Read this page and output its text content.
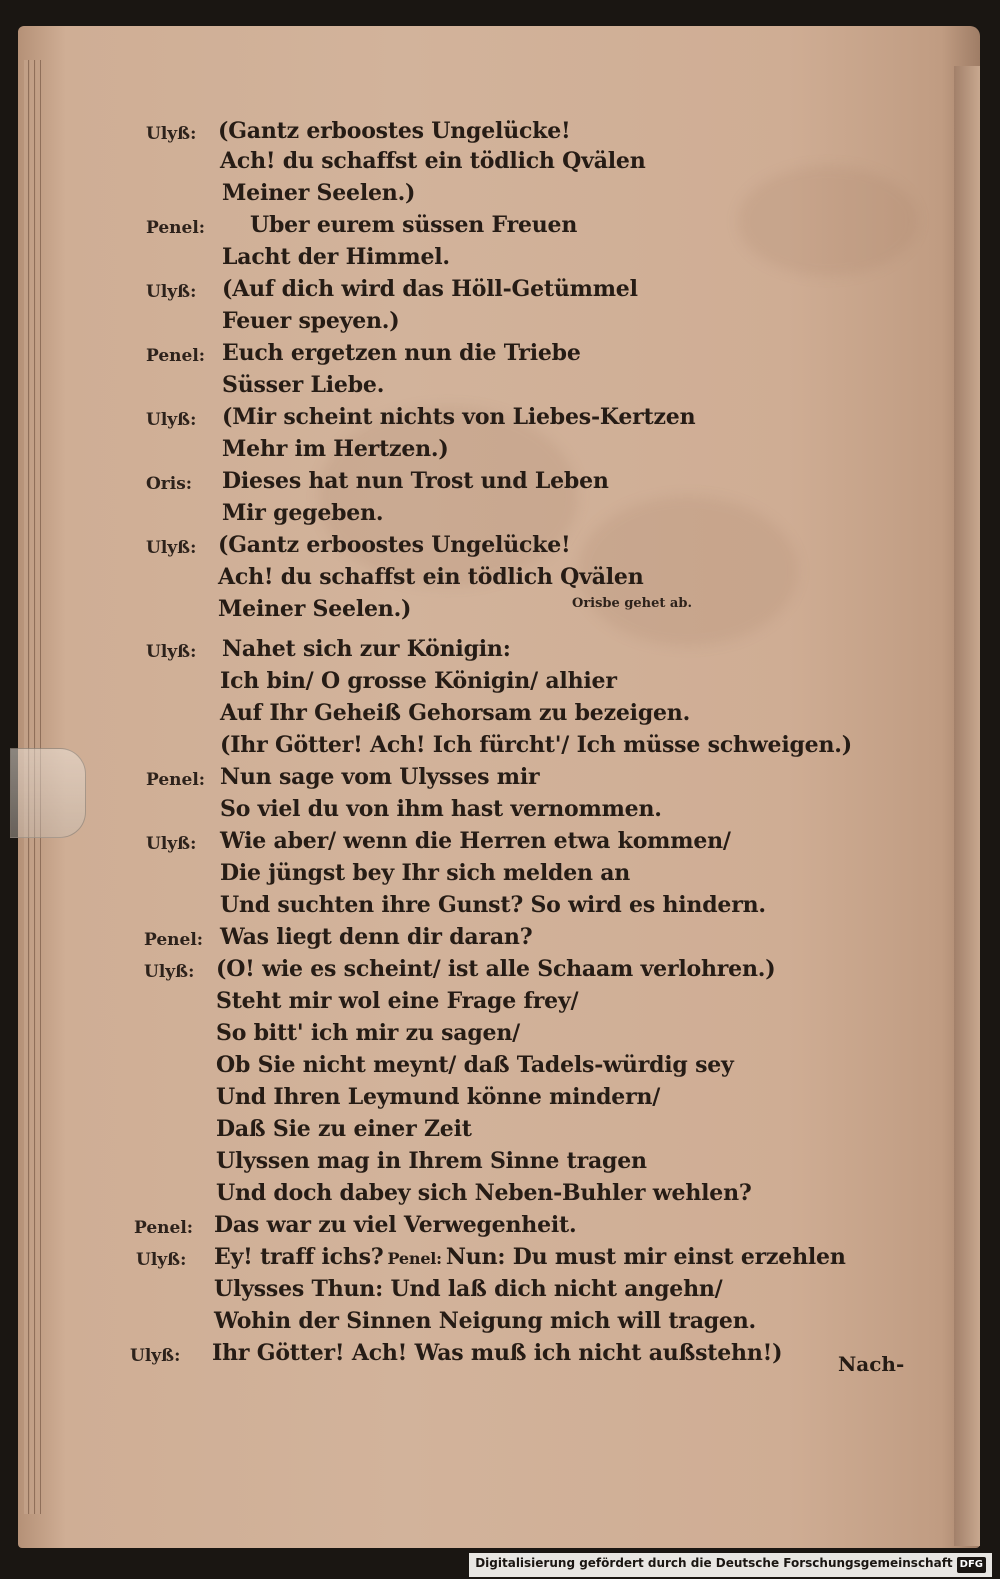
Ulyß: (Gantz erboostes Ungelücke!
Ach! du schaffst ein tödlich Qvälen
Meiner Seelen.)
Penel: Uber eurem süssen Freuen
Lacht der Himmel.
Ulyß: (Auf dich wird das Höll-Getümmel
Feuer speyen.)
Penel: Euch ergetzen nun die Triebe
Süsser Liebe.
Ulyß: (Mir scheint nichts von Liebes-Kertzen
Mehr im Hertzen.)
Oris: Dieses hat nun Trost und Leben
Mir gegeben.
Ulyß: (Gantz erboostes Ungelücke!
Ach! du schaffst ein tödlich Qvälen
Meiner Seelen.)
Ulyß: Nahet sich zur Königin:
Ich bin/ O grosse Königin/ alhier
Auf Ihr Geheiß Gehorsam zu bezeigen.
(Ihr Götter! Ach! Ich fürcht'/ Ich müsse schweigen.)
Penel: Nun sage vom Ulysses mir
So viel du von ihm hast vernommen.
Ulyß: Wie aber/ wenn die Herren etwa kommen/
Die jüngst bey Ihr sich melden an
Und suchten ihre Gunst? So wird es hindern.
Penel: Was liegt denn dir daran?
Ulyß: (O! wie es scheint/ ist alle Schaam verlohren.)
Steht mir wol eine Frage frey/
So bitt' ich mir zu sagen/
Ob Sie nicht meynt/ daß Tadels-würdig sey
Und Ihren Leymund könne mindern/
Daß Sie zu einer Zeit
Ulyssen mag in Ihrem Sinne tragen
Und doch dabey sich Neben-Buhler wehlen?
Penel: Das war zu viel Verwegenheit.
Ulyß: Ey! traff ichs? Penel: Nun: Du must mir einst erzehlen
Ulysses Thun: Und laß dich nicht angehn/
Wohin der Sinnen Neigung mich will tragen.
Ulyß: Ihr Götter! Ach! Was muß ich nicht außstehn!)
Orisbe gehet ab.
Nach-
Digitalisierung gefördert durch die Deutsche Forschungsgemeinschaft DFG
